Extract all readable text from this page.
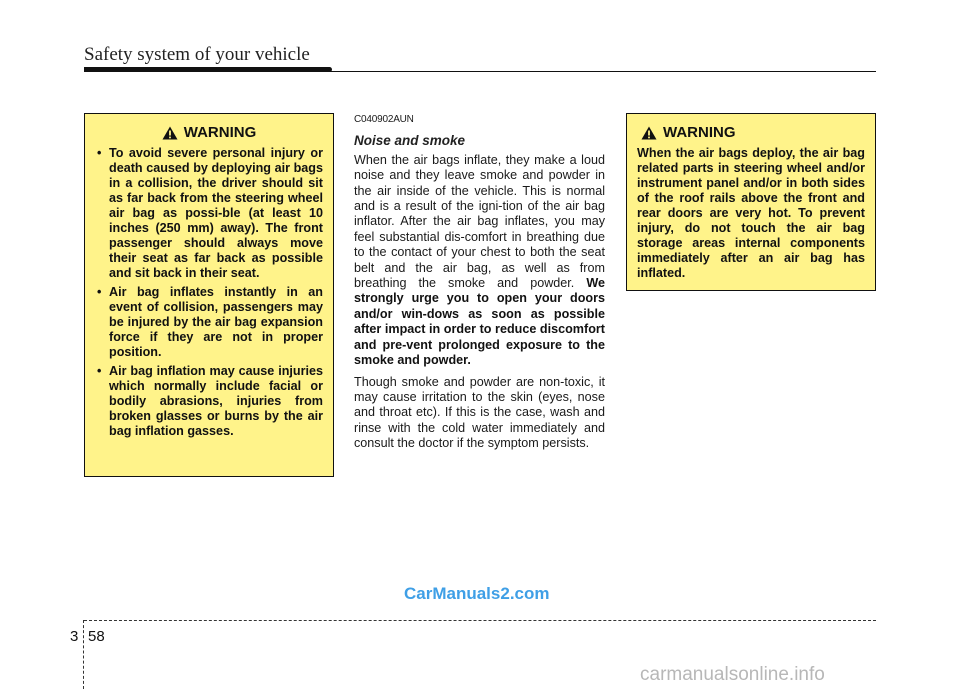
Safety system of your vehicle
WARNING
• To avoid severe personal injury or death caused by deploying air bags in a collision, the driver should sit as far back from the steering wheel air bag as possi-ble (at least 10 inches (250 mm) away). The front passenger should always move their seat as far back as possible and sit back in their seat.
• Air bag inflates instantly in an event of collision, passengers may be injured by the air bag expansion force if they are not in proper position.
• Air bag inflation may cause injuries which normally include facial or bodily abrasions, injuries from broken glasses or burns by the air bag inflation gasses.

C040902AUN

Noise and smoke

When the air bags inflate, they make a loud noise and they leave smoke and powder in the air inside of the vehicle. This is normal and is a result of the igni-tion of the air bag inflator. After the air bag inflates, you may feel substantial dis-comfort in breathing due to the contact of your chest to both the seat belt and the air bag, as well as from breathing the smoke and powder. We strongly urge you to open your doors and/or win-dows as soon as possible after impact in order to reduce discomfort and pre-vent prolonged exposure to the smoke and powder.

Though smoke and powder are non-toxic, it may cause irritation to the skin (eyes, nose and throat etc). If this is the case, wash and rinse with the cold water immediately and consult the doctor if the symptom persists.

WARNING

When the air bags deploy, the air bag related parts in steering wheel and/or instrument panel and/or in both sides of the roof rails above the front and rear doors are very hot. To prevent injury, do not touch the air bag storage areas internal components immediately after an air bag has inflated.

CarManuals2.com
3 58
carmanualsonline.info
